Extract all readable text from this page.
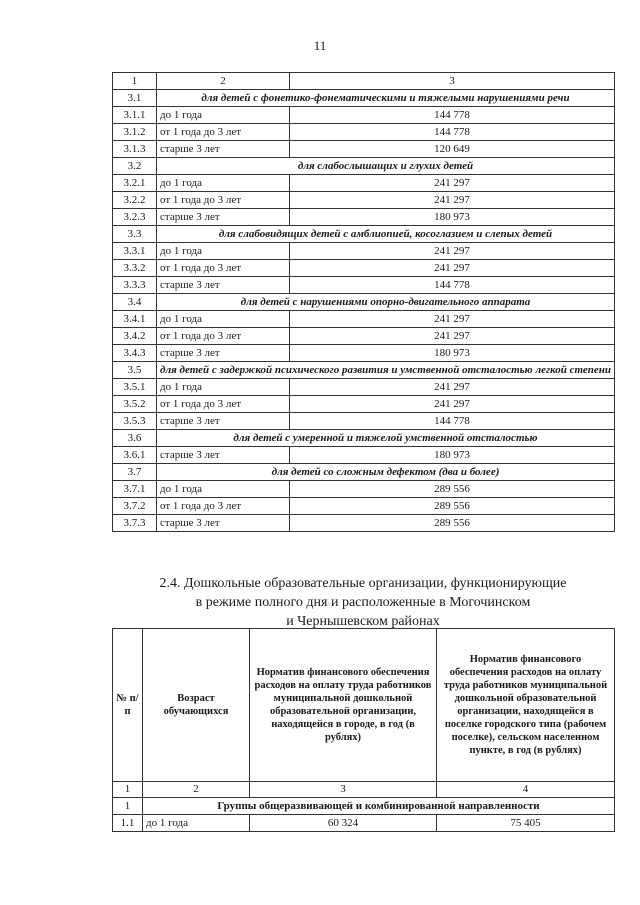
11
1	2	3
3.1	для детей с фонетико-фонематическими и тяжелыми нарушениями речи	
3.1.1	до 1 года	144 778
3.1.2	от 1 года до 3 лет	144 778
3.1.3	старше 3 лет	120 649
3.2	для слабослышащих и глухих детей	
3.2.1	до 1 года	241 297
3.2.2	от 1 года до 3 лет	241 297
3.2.3	старше 3 лет	180 973
3.3	для слабовидящих детей с амблиопией, косоглазием и слепых детей	
3.3.1	до 1 года	241 297
3.3.2	от 1 года до 3 лет	241 297
3.3.3	старше 3 лет	144 778
3.4	для детей с нарушениями опорно-двигательного аппарата	
3.4.1	до 1 года	241 297
3.4.2	от 1 года до 3 лет	241 297
3.4.3	старше 3 лет	180 973
3.5	для детей с задержкой психического развития и умственной отсталостью легкой степени	
3.5.1	до 1 года	241 297
3.5.2	от 1 года до 3 лет	241 297
3.5.3	старше 3 лет	144 778
3.6	для детей с умеренной и тяжелой умственной отсталостью	
3.6.1	старше 3 лет	180 973
3.7	для детей со сложным дефектом (два и более)	
3.7.1	до 1 года	289 556
3.7.2	от 1 года до 3 лет	289 556
3.7.3	старше 3 лет	289 556
2.4. Дошкольные образовательные организации, функционирующие
в режиме полного дня и расположенные в Могочинском
и Чернышевском районах
№ п/п	Возраст обучающихся	Норматив финансового обеспечения расходов на оплату труда работников муниципальной дошкольной образовательной организации, находящейся в городе, в год (в рублях)	Норматив финансового обеспечения расходов на оплату труда работников муниципальной дошкольной образовательной организации, находящейся в поселке городского типа (рабочем поселке), сельском населенном пункте, в год (в рублях)
1	2	3	4
1	Группы общеразвивающей и комбинированной направленности		
1.1	до 1 года	60 324	75 405
